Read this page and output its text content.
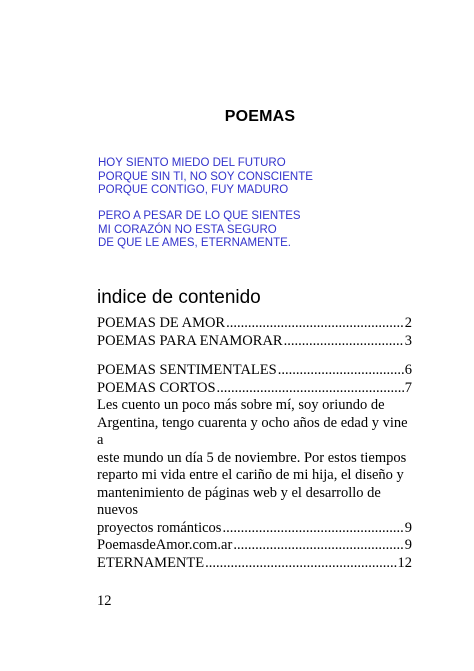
POEMAS
HOY SIENTO MIEDO DEL FUTURO
PORQUE SIN TI, NO SOY CONSCIENTE
PORQUE CONTIGO, FUY MADURO
PERO A PESAR DE LO QUE SIENTES
MI CORAZÓN NO ESTA SEGURO
DE QUE LE AMES, ETERNAMENTE.
indice de contenido
POEMAS DE AMOR .....	2
POEMAS PARA ENAMORAR .....	3
POEMAS SENTIMENTALES .....	6
POEMAS CORTOS .....	7
Les cuento un poco más sobre mí, soy oriundo de
Argentina, tengo cuarenta y ocho años de edad y vine a
este mundo un día 5 de noviembre. Por estos tiempos
reparto mi vida entre el cariño de mi hija, el diseño y
mantenimiento de páginas web y el desarrollo de nuevos
proyectos románticos .....	9
PoemasdeAmor.com.ar .....	9
ETERNAMENTE .....	12
12
